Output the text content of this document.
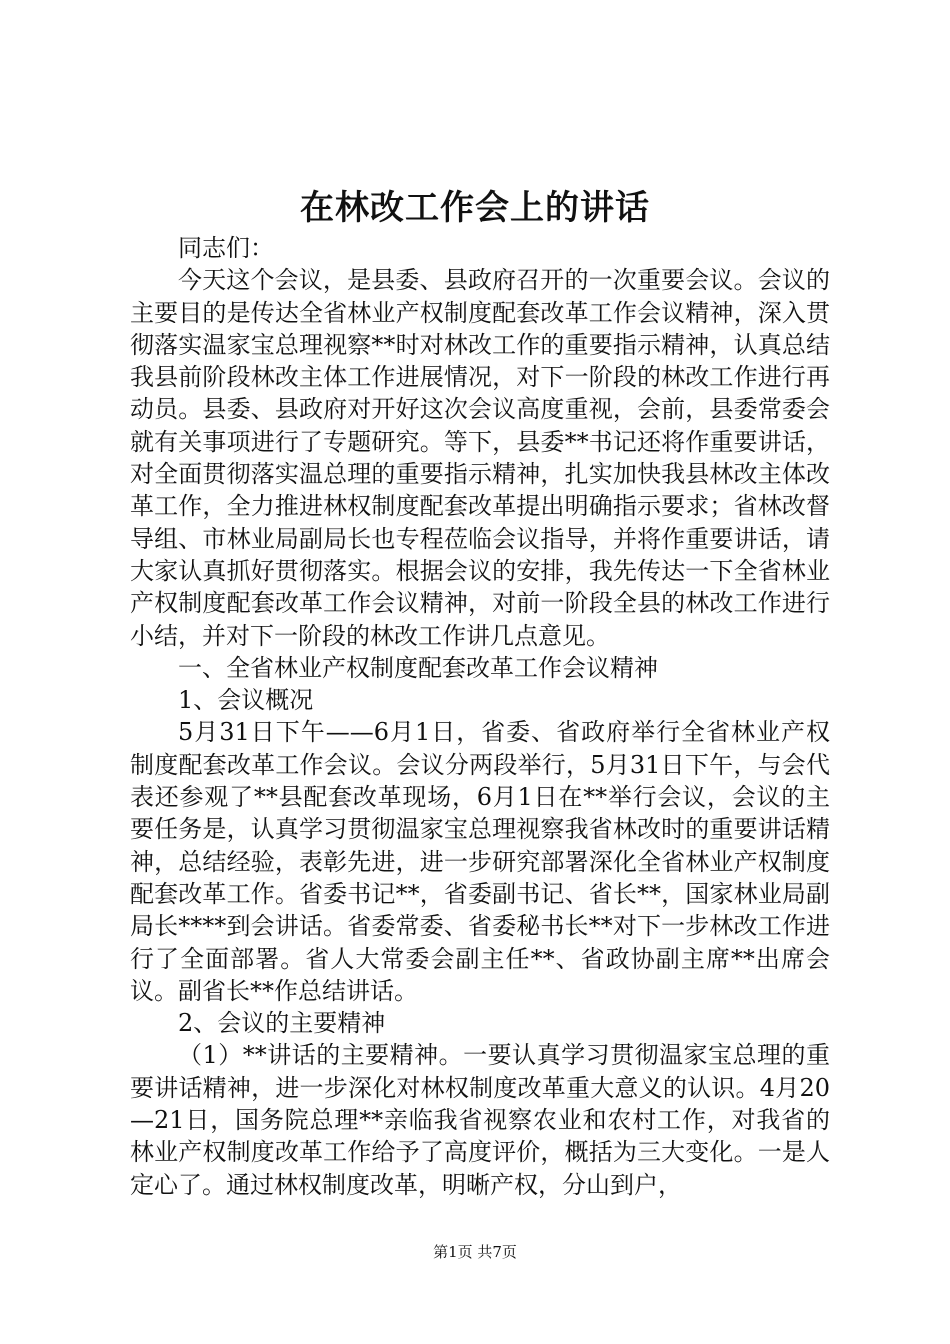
在林改工作会上的讲话

同志们：

今天这个会议，是县委、县政府召开的一次重要会议。会议的主要目的是传达全省林业产权制度配套改革工作会议精神，深入贯彻落实温家宝总理视察**时对林改工作的重要指示精神，认真总结我县前阶段林改主体工作进展情况，对下一阶段的林改工作进行再动员。县委、县政府对开好这次会议高度重视，会前，县委常委会就有关事项进行了专题研究。等下，县委**书记还将作重要讲话，对全面贯彻落实温总理的重要指示精神，扎实加快我县林改主体改革工作，全力推进林权制度配套改革提出明确指示要求；省林改督导组、市林业局副局长也专程莅临会议指导，并将作重要讲话，请大家认真抓好贯彻落实。根据会议的安排，我先传达一下全省林业产权制度配套改革工作会议精神，对前一阶段全县的林改工作进行小结，并对下一阶段的林改工作讲几点意见。

一、全省林业产权制度配套改革工作会议精神

1、会议概况

5月31日下午——6月1日，省委、省政府举行全省林业产权制度配套改革工作会议。会议分两段举行，5月31日下午，与会代表还参观了**县配套改革现场，6月1日在**举行会议，会议的主要任务是，认真学习贯彻温家宝总理视察我省林改时的重要讲话精神，总结经验，表彰先进，进一步研究部署深化全省林业产权制度配套改革工作。省委书记**，省委副书记、省长**，国家林业局副局长****到会讲话。省委常委、省委秘书长**对下一步林改工作进行了全面部署。省人大常委会副主任**、省政协副主席**出席会议。副省长**作总结讲话。

2、会议的主要精神

（1）**讲话的主要精神。一要认真学习贯彻温家宝总理的重要讲话精神，进一步深化对林权制度改革重大意义的认识。4月20—21日，国务院总理**亲临我省视察农业和农村工作，对我省的林业产权制度改革工作给予了高度评价，概括为三大变化。一是人定心了。通过林权制度改革，明晰产权，分山到户，

第1页 共7页
